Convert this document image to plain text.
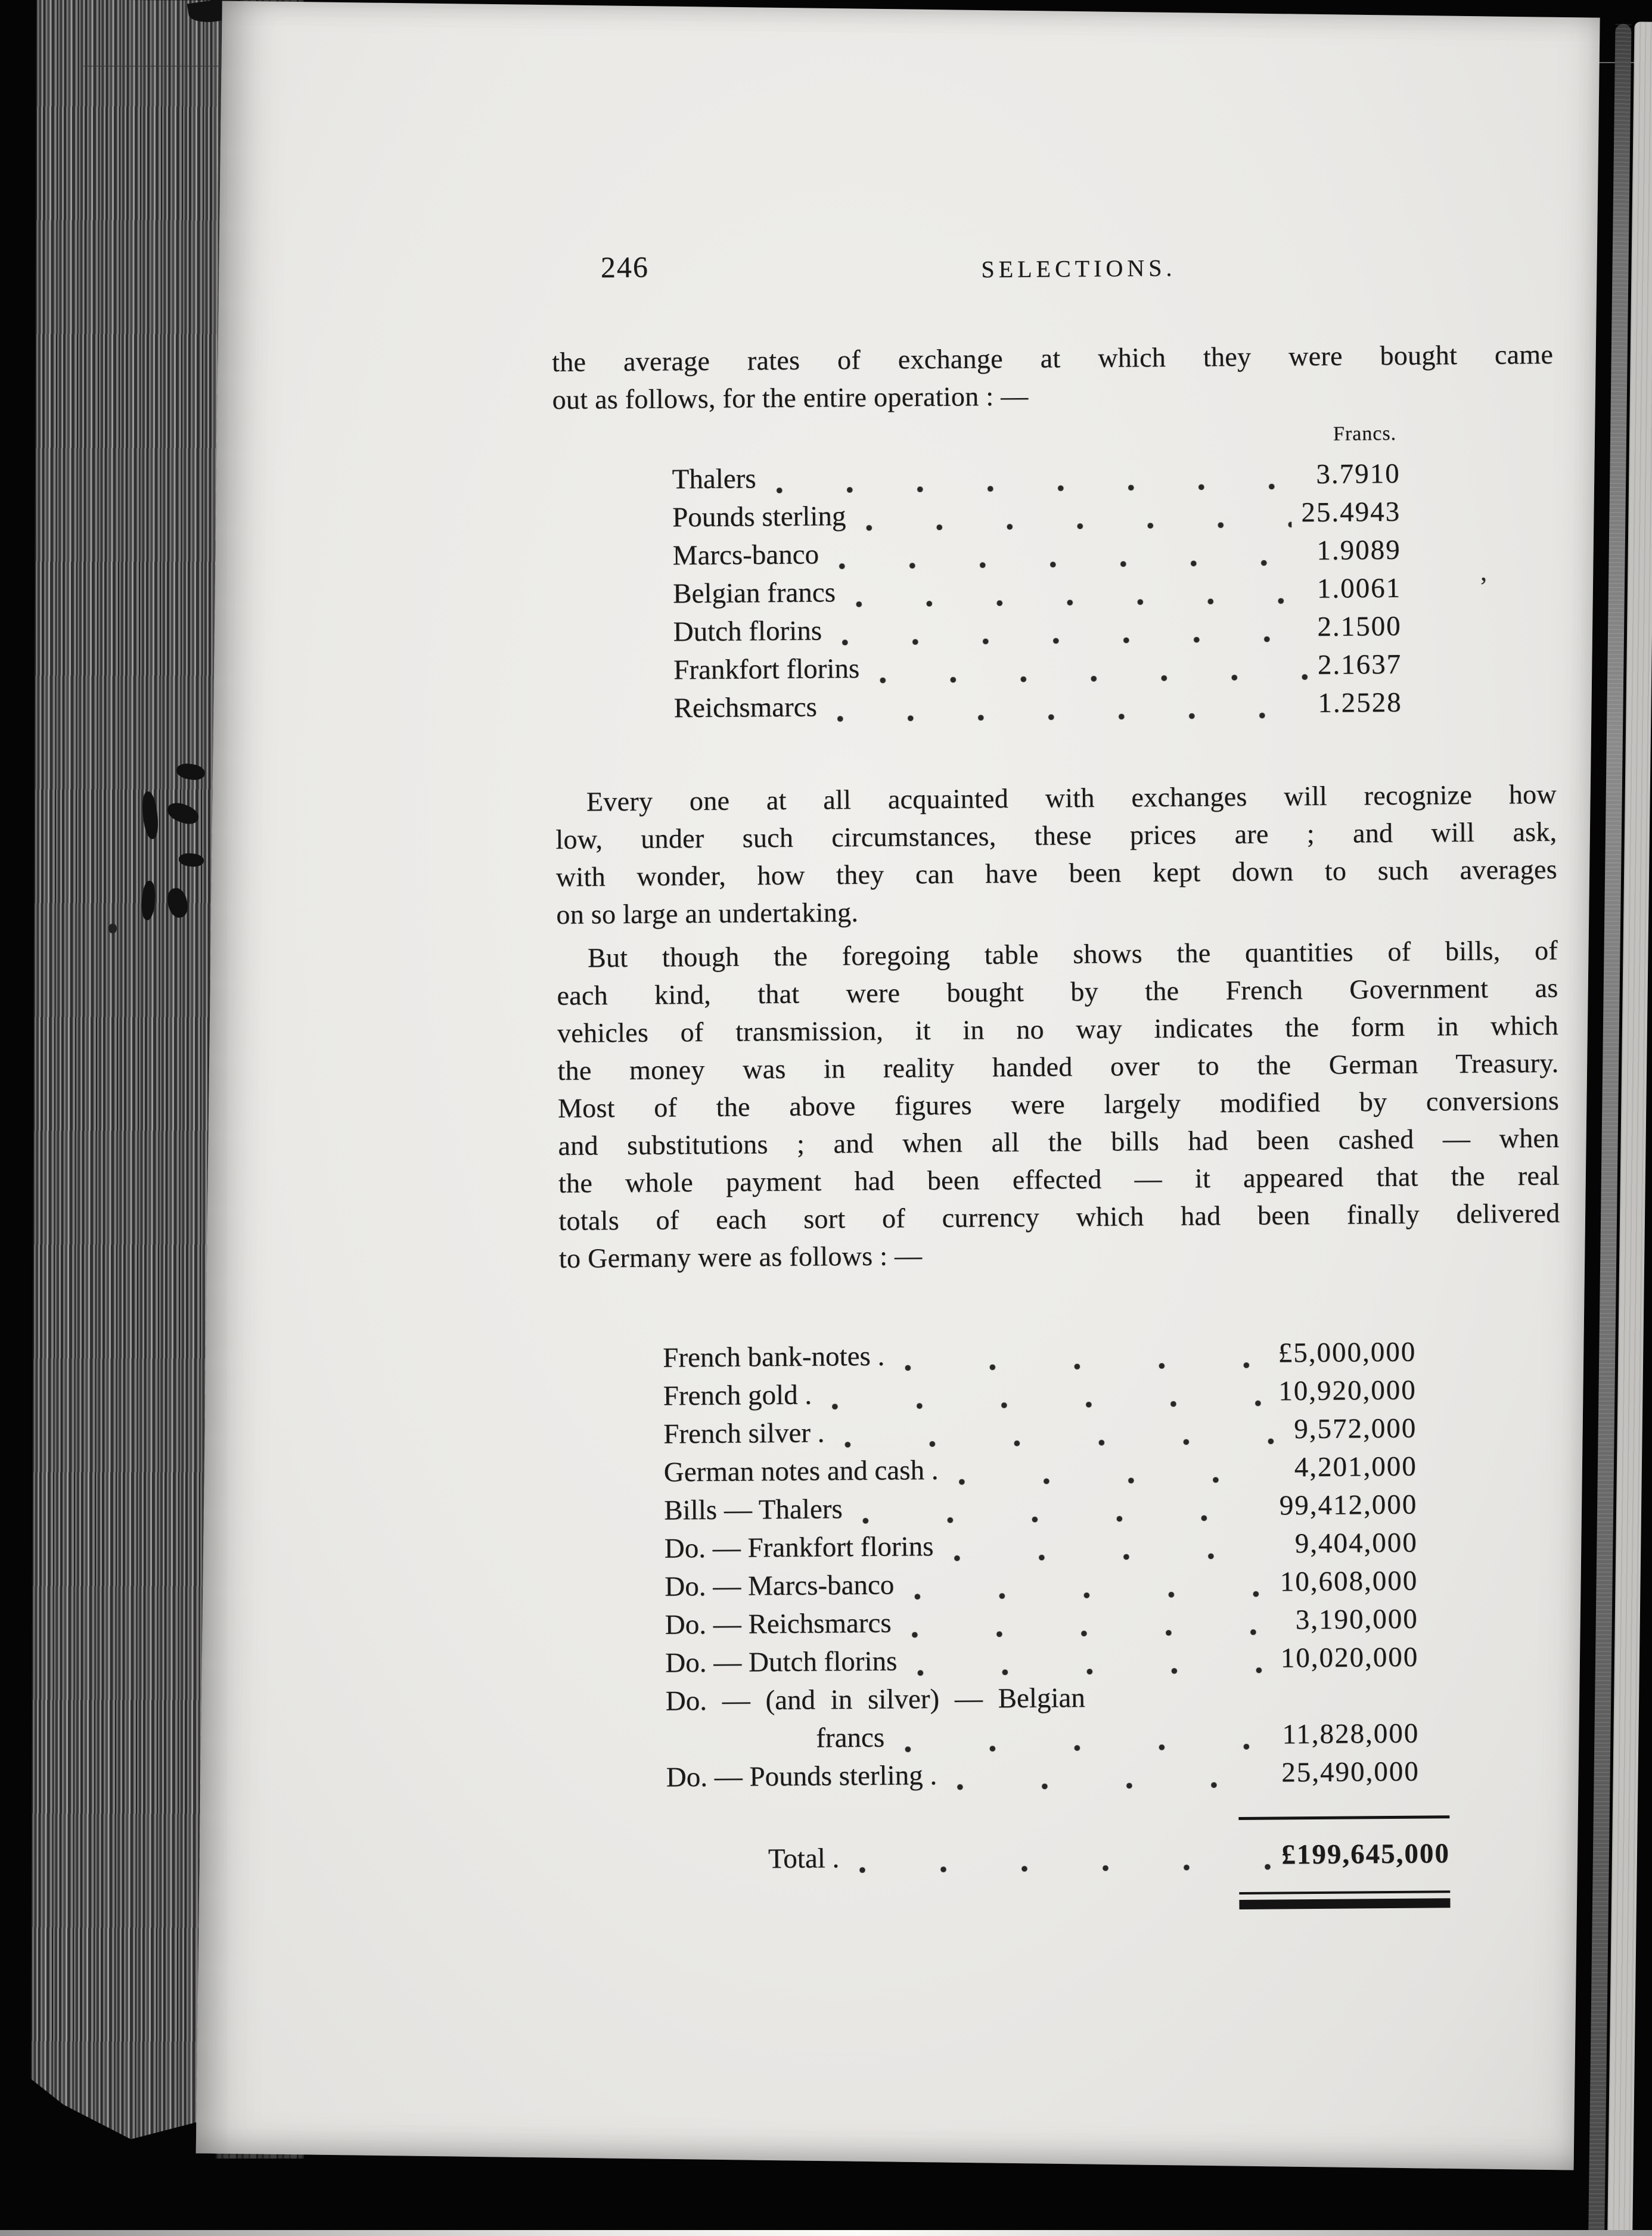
246	SELECTIONS.
the average rates of exchange at which they were bought came
out as follows, for the entire operation : —
Francs.
Thalers	3.7910
Pounds sterling	25.4943
Marcs-banco	1.9089
Belgian francs	1.0061
Dutch florins	2.1500
Frankfort florins	2.1637
Reichsmarcs	1.2528
Every one at all acquainted with exchanges will recognize how
low, under such circumstances, these prices are ; and will ask,
with wonder, how they can have been kept down to such averages
on so large an undertaking.
But though the foregoing table shows the quantities of bills, of
each kind, that were bought by the French Government as
vehicles of transmission, it in no way indicates the form in which
the money was in reality handed over to the German Treasury.
Most of the above figures were largely modified by conversions
and substitutions ; and when all the bills had been cashed — when
the whole payment had been effected — it appeared that the real
totals of each sort of currency which had been finally delivered
to Germany were as follows : —
French bank-notes .	£5,000,000
French gold .	10,920,000
French silver .	9,572,000
German notes and cash .	4,201,000
Bills — Thalers	99,412,000
Do. — Frankfort florins	9,404,000
Do. — Marcs-banco	10,608,000
Do. — Reichsmarcs	3,190,000
Do. — Dutch florins	10,020,000
Do. — (and in silver) — Belgian
francs	11,828,000
Do. — Pounds sterling .	25,490,000
Total .	£199,645,000
,
